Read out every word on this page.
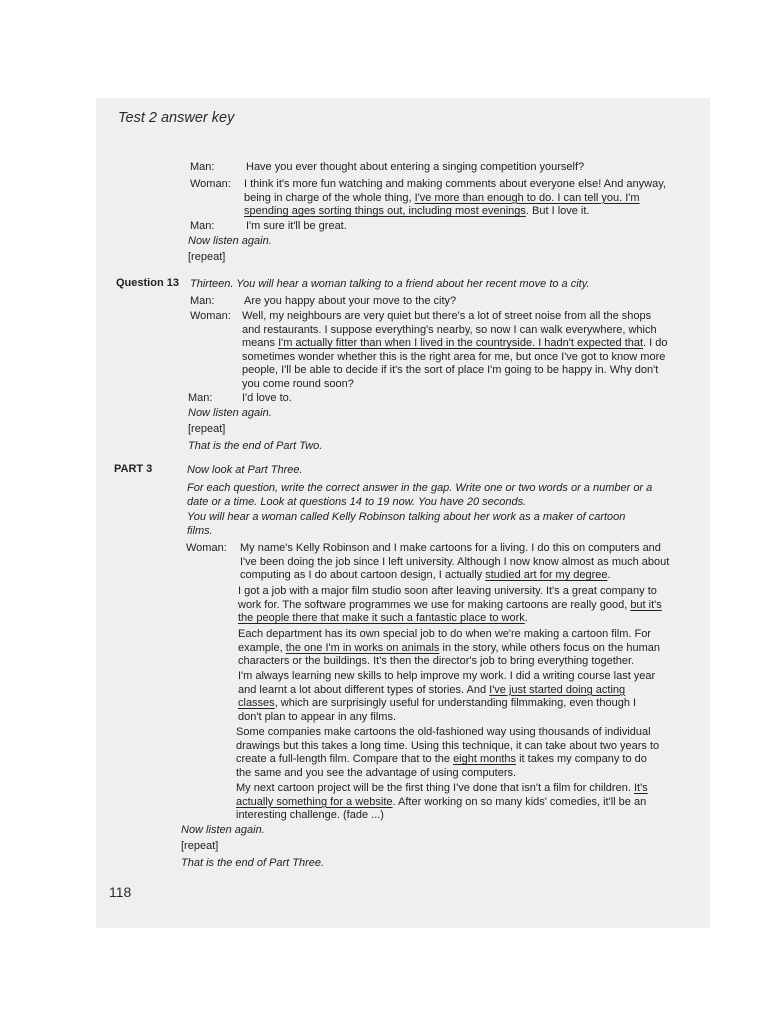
Test 2 answer key
Man:	Have you ever thought about entering a singing competition yourself?
Woman: I think it's more fun watching and making comments about everyone else! And anyway, being in charge of the whole thing, I've more than enough to do. I can tell you. I'm spending ages sorting things out, including most evenings. But I love it.
Man:	I'm sure it'll be great.
Now listen again.
[repeat]
Question 13 Thirteen. You will hear a woman talking to a friend about her recent move to a city.
Man:	Are you happy about your move to the city?
Woman: Well, my neighbours are very quiet but there's a lot of street noise from all the shops and restaurants. I suppose everything's nearby, so now I can walk everywhere, which means I'm actually fitter than when I lived in the countryside. I hadn't expected that. I do sometimes wonder whether this is the right area for me, but once I've got to know more people, I'll be able to decide if it's the sort of place I'm going to be happy in. Why don't you come round soon?
Man:	I'd love to.
Now listen again.
[repeat]
That is the end of Part Two.
PART 3	Now look at Part Three.
For each question, write the correct answer in the gap. Write one or two words or a number or a date or a time. Look at questions 14 to 19 now. You have 20 seconds.
You will hear a woman called Kelly Robinson talking about her work as a maker of cartoon films.
Woman: My name's Kelly Robinson and I make cartoons for a living. I do this on computers and I've been doing the job since I left university. Although I now know almost as much about computing as I do about cartoon design, I actually studied art for my degree.
I got a job with a major film studio soon after leaving university. It's a great company to work for. The software programmes we use for making cartoons are really good, but it's the people there that make it such a fantastic place to work.
Each department has its own special job to do when we're making a cartoon film. For example, the one I'm in works on animals in the story, while others focus on the human characters or the buildings. It's then the director's job to bring everything together.
I'm always learning new skills to help improve my work. I did a writing course last year and learnt a lot about different types of stories. And I've just started doing acting classes, which are surprisingly useful for understanding filmmaking, even though I don't plan to appear in any films.
Some companies make cartoons the old-fashioned way using thousands of individual drawings but this takes a long time. Using this technique, it can take about two years to create a full-length film. Compare that to the eight months it takes my company to do the same and you see the advantage of using computers.
My next cartoon project will be the first thing I've done that isn't a film for children. It's actually something for a website. After working on so many kids' comedies, it'll be an interesting challenge. (fade ...)
Now listen again.
[repeat]
That is the end of Part Three.
118
